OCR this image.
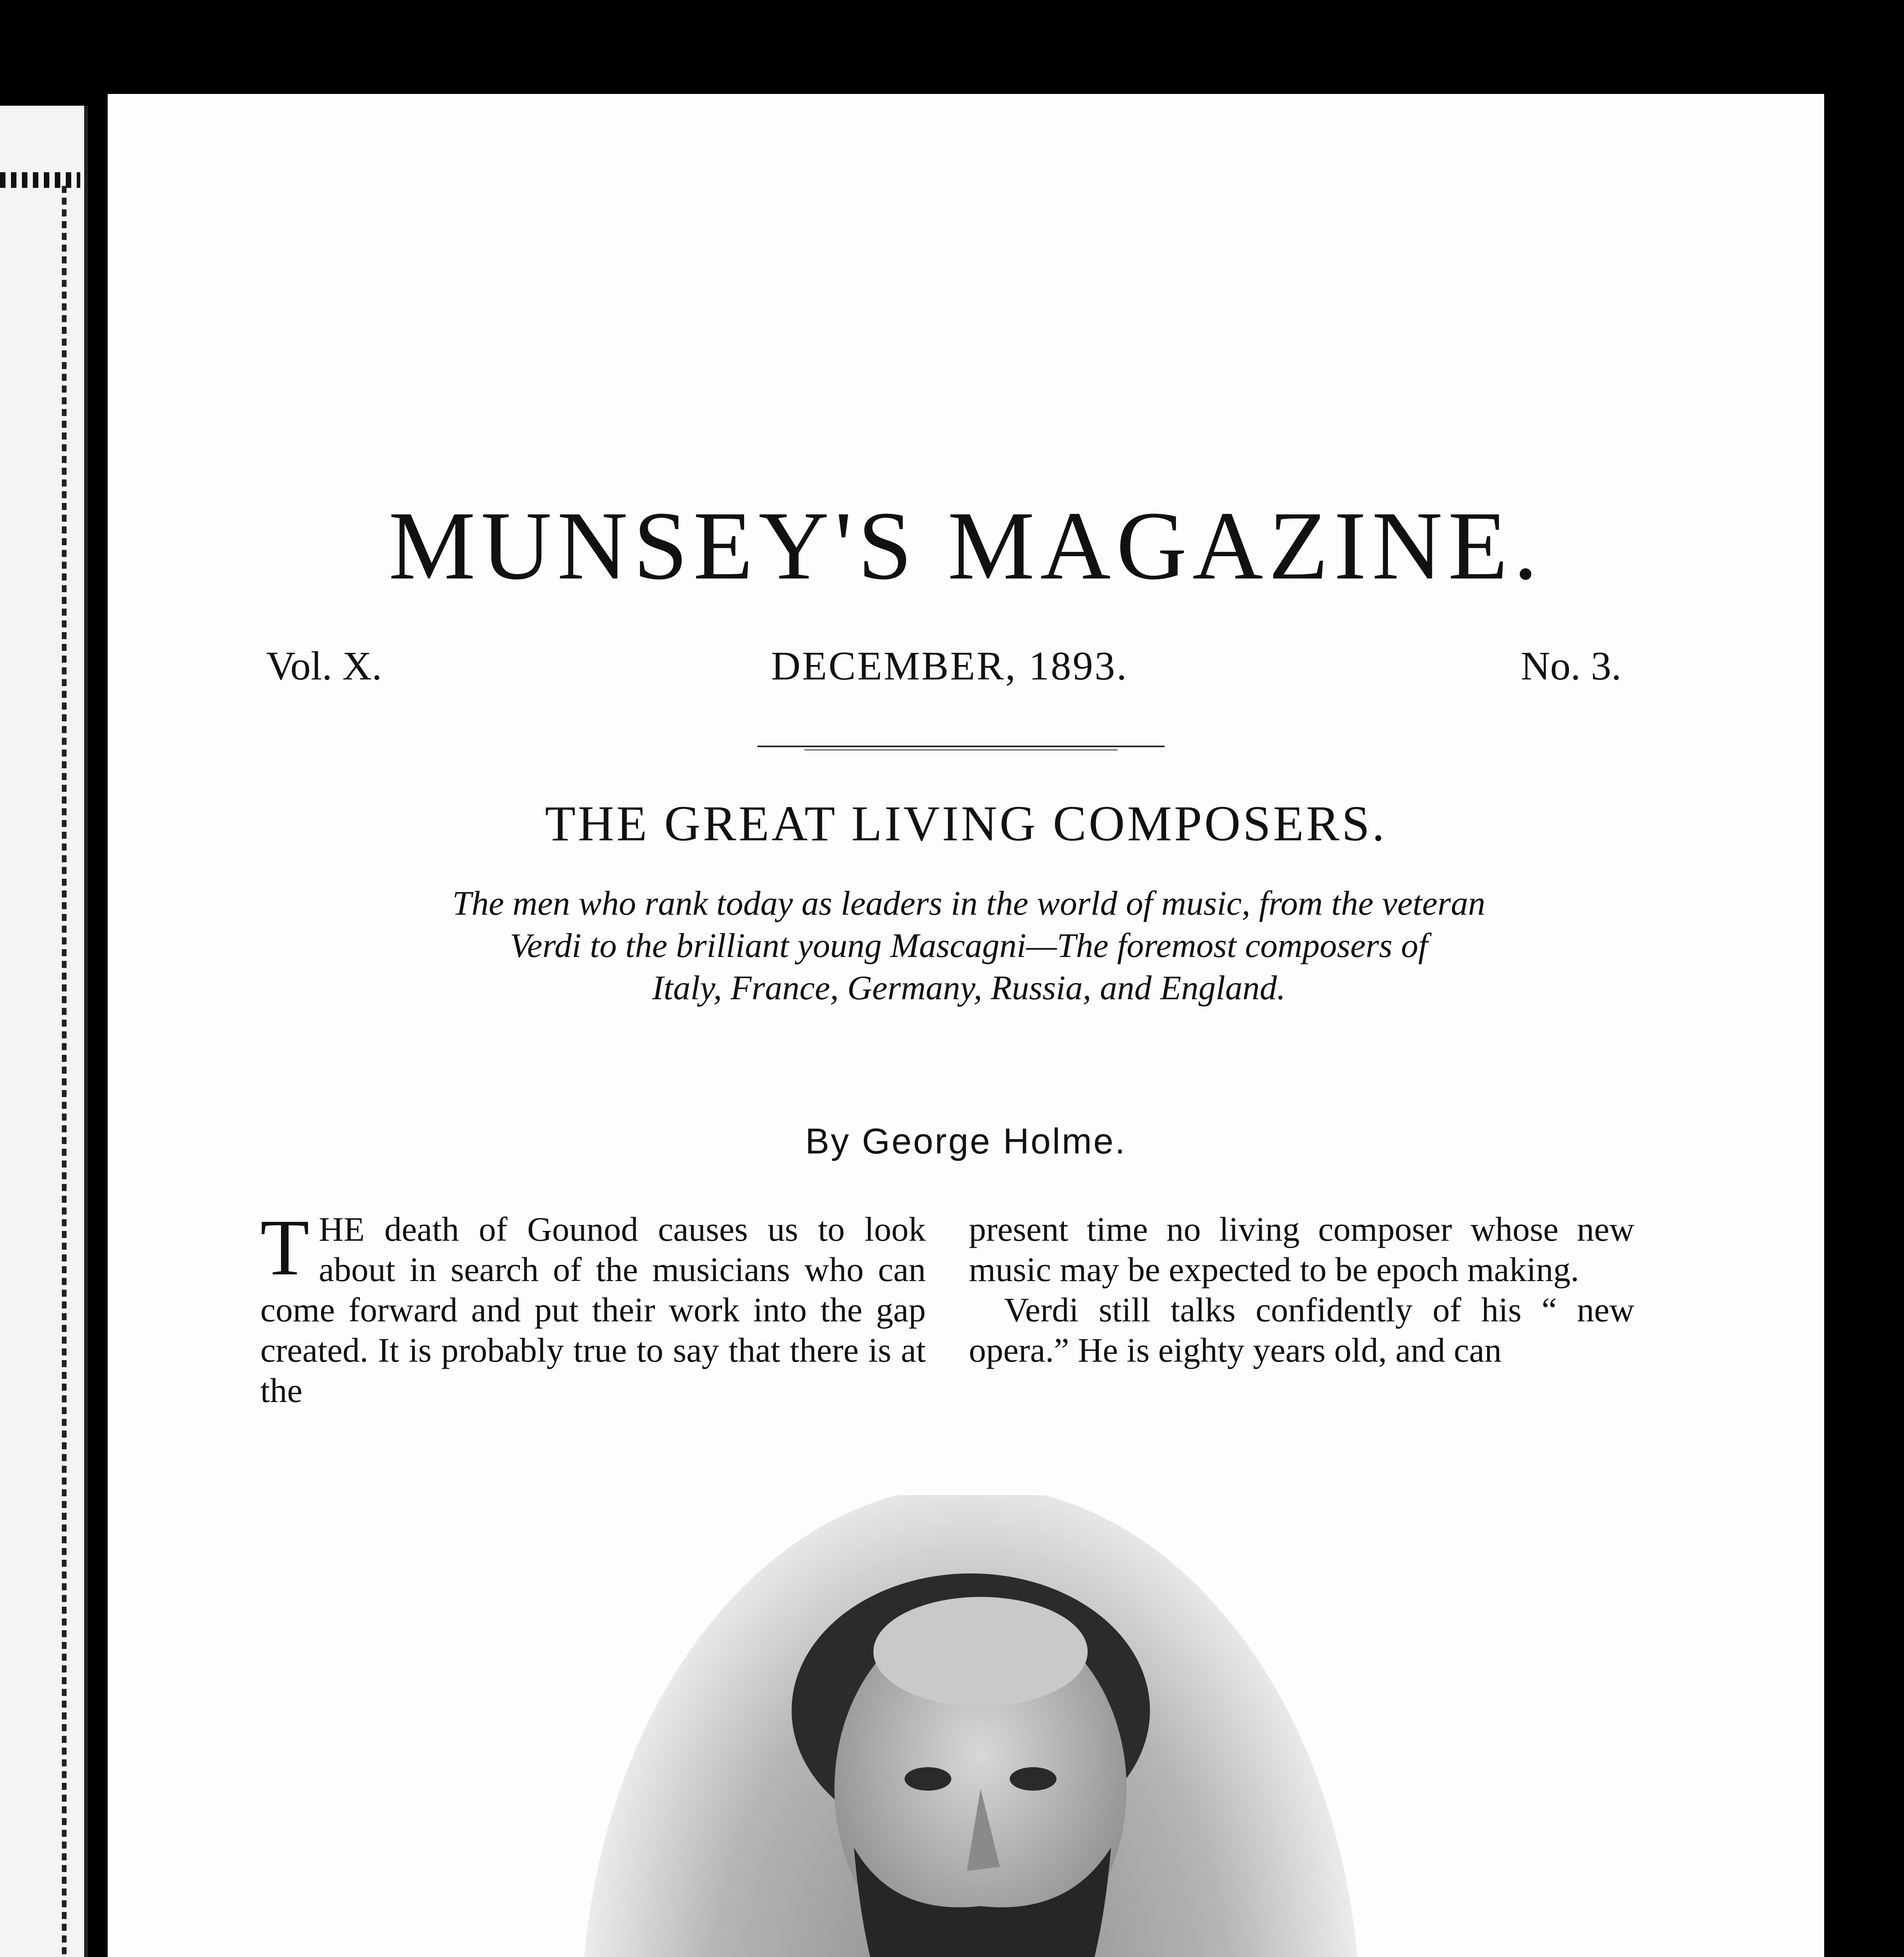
MUNSEY'S MAGAZINE.
Vol. X.	DECEMBER, 1893.	No. 3.
THE GREAT LIVING COMPOSERS.
The men who rank today as leaders in the world of music, from the veteran
Verdi to the brilliant young Mascagni—The foremost composers of
Italy, France, Germany, Russia, and England.
By George Holme.

THE death of Gounod causes us to look about in search of the musicians who can come forward and put their work into the gap created. It is probably true to say that there is at the

present time no living composer whose new music may be expected to be epoch making.

Verdi still talks confidently of his “ new opera.” He is eighty years old, and can
